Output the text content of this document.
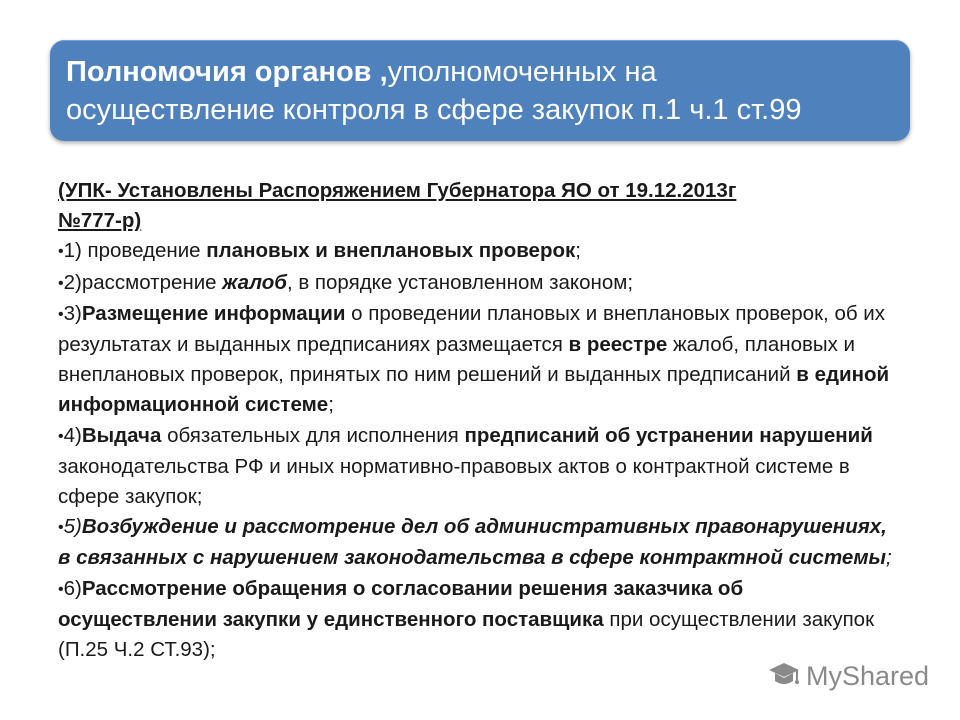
Полномочия органов ,уполномоченных на
осуществление контроля в сфере закупок п.1 ч.1 ст.99

(УПК- Установлены Распоряжением Губернатора ЯО от 19.12.2013г
№777-р)

•1) проведение плановых и внеплановых проверок;

•2)рассмотрение жалоб, в порядке установленном законом;

•3)Размещение информации о проведении плановых и внеплановых проверок, об их результатах и выданных предписаниях размещается в реестре жалоб, плановых и внеплановых проверок, принятых по ним решений и выданных предписаний в единой информационной системе;

•4)Выдача обязательных для исполнения предписаний об устранении нарушений законодательства РФ и иных нормативно-правовых актов о контрактной системе в сфере закупок;

•5)Возбуждение и рассмотрение дел об административных правонарушениях, в связанных с нарушением законодательства в сфере контрактной системы;

•6)Рассмотрение обращения о согласовании решения заказчика об осуществлении закупки у единственного поставщика при осуществлении закупок (П.25 Ч.2 СТ.93);

MyShared
